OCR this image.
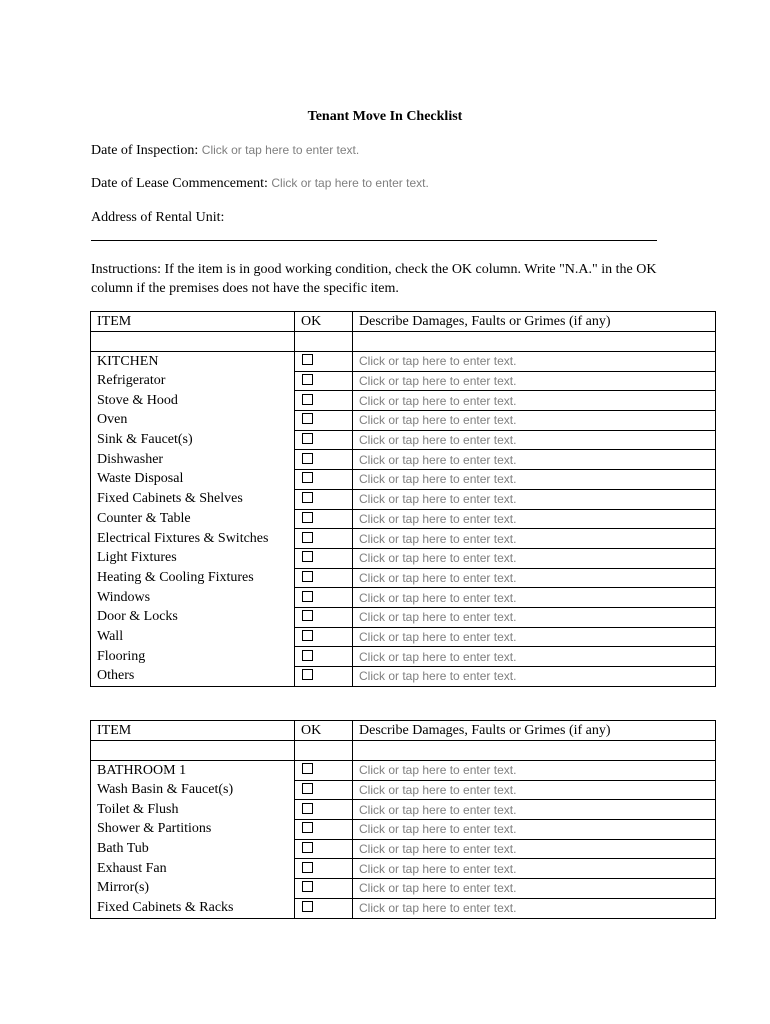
Tenant Move In Checklist
Date of Inspection: Click or tap here to enter text.
Date of Lease Commencement: Click or tap here to enter text.
Address of Rental Unit:
Instructions: If the item is in good working condition, check the OK column. Write "N.A." in the OK column if the premises does not have the specific item.
ITEM	OK	Describe Damages, Faults or Grimes (if any)

KITCHEN		Click or tap here to enter text.
Refrigerator		Click or tap here to enter text.
Stove & Hood		Click or tap here to enter text.
Oven		Click or tap here to enter text.
Sink & Faucet(s)		Click or tap here to enter text.
Dishwasher		Click or tap here to enter text.
Waste Disposal		Click or tap here to enter text.
Fixed Cabinets & Shelves		Click or tap here to enter text.
Counter & Table		Click or tap here to enter text.
Electrical Fixtures & Switches		Click or tap here to enter text.
Light Fixtures		Click or tap here to enter text.
Heating & Cooling Fixtures		Click or tap here to enter text.
Windows		Click or tap here to enter text.
Door & Locks		Click or tap here to enter text.
Wall		Click or tap here to enter text.
Flooring		Click or tap here to enter text.
Others		Click or tap here to enter text.
ITEM	OK	Describe Damages, Faults or Grimes (if any)

BATHROOM 1		Click or tap here to enter text.
Wash Basin & Faucet(s)		Click or tap here to enter text.
Toilet & Flush		Click or tap here to enter text.
Shower & Partitions		Click or tap here to enter text.
Bath Tub		Click or tap here to enter text.
Exhaust Fan		Click or tap here to enter text.
Mirror(s)		Click or tap here to enter text.
Fixed Cabinets & Racks		Click or tap here to enter text.
